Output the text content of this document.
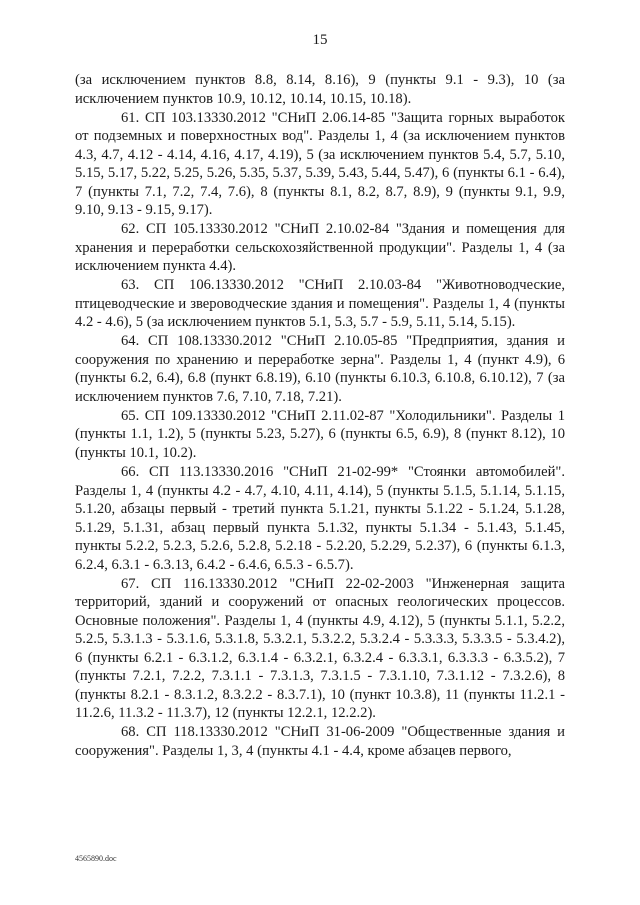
15

(за исключением пунктов 8.8, 8.14, 8.16), 9 (пункты 9.1 - 9.3), 10 (за исключением пунктов 10.9, 10.12, 10.14, 10.15, 10.18).

61. СП 103.13330.2012 "СНиП 2.06.14-85 "Защита горных выработок от подземных и поверхностных вод". Разделы 1, 4 (за исключением пунктов 4.3, 4.7, 4.12 - 4.14, 4.16, 4.17, 4.19), 5 (за исключением пунктов 5.4, 5.7, 5.10, 5.15, 5.17, 5.22, 5.25, 5.26, 5.35, 5.37, 5.39, 5.43, 5.44, 5.47), 6 (пункты 6.1 - 6.4), 7 (пункты 7.1, 7.2, 7.4, 7.6), 8 (пункты 8.1, 8.2, 8.7, 8.9), 9 (пункты 9.1, 9.9, 9.10, 9.13 - 9.15, 9.17).

62. СП 105.13330.2012 "СНиП 2.10.02-84 "Здания и помещения для хранения и переработки сельскохозяйственной продукции". Разделы 1, 4 (за исключением пункта 4.4).

63. СП 106.13330.2012 "СНиП 2.10.03-84 "Животноводческие, птицеводческие и звероводческие здания и помещения". Разделы 1, 4 (пункты 4.2 - 4.6), 5 (за исключением пунктов 5.1, 5.3, 5.7 - 5.9, 5.11, 5.14, 5.15).

64. СП 108.13330.2012 "СНиП 2.10.05-85 "Предприятия, здания и сооружения по хранению и переработке зерна". Разделы 1, 4 (пункт 4.9), 6 (пункты 6.2, 6.4), 6.8 (пункт 6.8.19), 6.10 (пункты 6.10.3, 6.10.8, 6.10.12), 7 (за исключением пунктов 7.6, 7.10, 7.18, 7.21).

65. СП 109.13330.2012 "СНиП 2.11.02-87 "Холодильники". Разделы 1 (пункты 1.1, 1.2), 5 (пункты 5.23, 5.27), 6 (пункты 6.5, 6.9), 8 (пункт 8.12), 10 (пункты 10.1, 10.2).

66. СП 113.13330.2016 "СНиП 21-02-99* "Стоянки автомобилей". Разделы 1, 4 (пункты 4.2 - 4.7, 4.10, 4.11, 4.14), 5 (пункты 5.1.5, 5.1.14, 5.1.15, 5.1.20, абзацы первый - третий пункта 5.1.21, пункты 5.1.22 - 5.1.24, 5.1.28, 5.1.29, 5.1.31, абзац первый пункта 5.1.32, пункты 5.1.34 - 5.1.43, 5.1.45, пункты 5.2.2, 5.2.3, 5.2.6, 5.2.8, 5.2.18 - 5.2.20, 5.2.29, 5.2.37), 6 (пункты 6.1.3, 6.2.4, 6.3.1 - 6.3.13, 6.4.2 - 6.4.6, 6.5.3 - 6.5.7).

67. СП 116.13330.2012 "СНиП 22-02-2003 "Инженерная защита территорий, зданий и сооружений от опасных геологических процессов. Основные положения". Разделы 1, 4 (пункты 4.9, 4.12), 5 (пункты 5.1.1, 5.2.2, 5.2.5, 5.3.1.3 - 5.3.1.6, 5.3.1.8, 5.3.2.1, 5.3.2.2, 5.3.2.4 - 5.3.3.3, 5.3.3.5 - 5.3.4.2), 6 (пункты 6.2.1 - 6.3.1.2, 6.3.1.4 - 6.3.2.1, 6.3.2.4 - 6.3.3.1, 6.3.3.3 - 6.3.5.2), 7 (пункты 7.2.1, 7.2.2, 7.3.1.1 - 7.3.1.3, 7.3.1.5 - 7.3.1.10, 7.3.1.12 - 7.3.2.6), 8 (пункты 8.2.1 - 8.3.1.2, 8.3.2.2 - 8.3.7.1), 10 (пункт 10.3.8), 11 (пункты 11.2.1 - 11.2.6, 11.3.2 - 11.3.7), 12 (пункты 12.2.1, 12.2.2).

68. СП 118.13330.2012 "СНиП 31-06-2009 "Общественные здания и сооружения". Разделы 1, 3, 4 (пункты 4.1 - 4.4, кроме абзацев первого,

4565890.doc
